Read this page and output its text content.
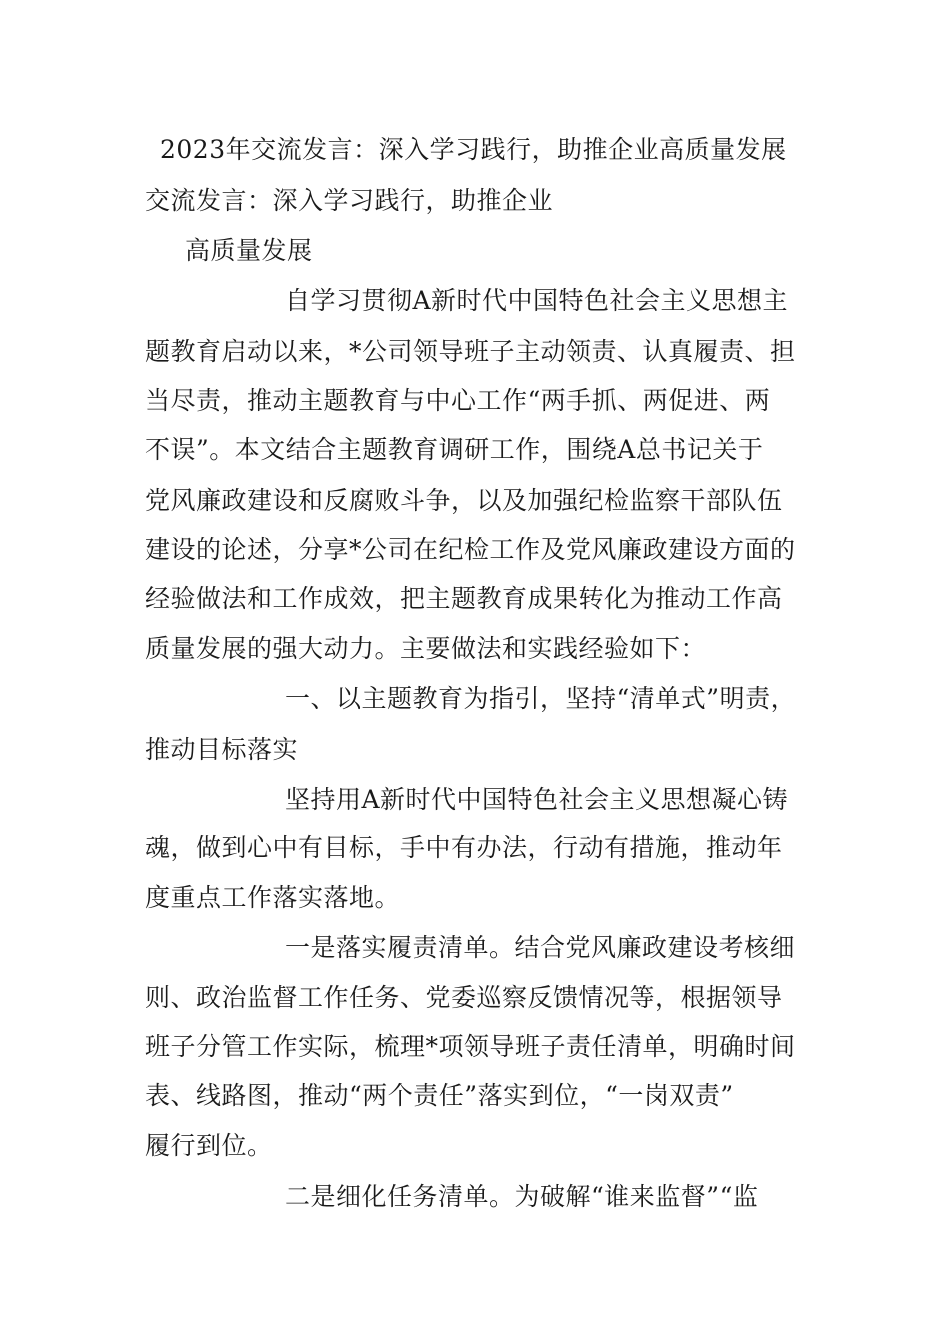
2023年交流发言：深入学习践行，助推企业高质量发展
交流发言：深入学习践行，助推企业
高质量发展
自学习贯彻A新时代中国特色社会主义思想主
题教育启动以来，*公司领导班子主动领责、认真履责、担
当尽责，推动主题教育与中心工作“两手抓、两促进、两
不误”。本文结合主题教育调研工作，围绕A总书记关于
党风廉政建设和反腐败斗争，以及加强纪检监察干部队伍
建设的论述，分享*公司在纪检工作及党风廉政建设方面的
经验做法和工作成效，把主题教育成果转化为推动工作高
质量发展的强大动力。主要做法和实践经验如下：
一、以主题教育为指引，坚持“清单式”明责，
推动目标落实
坚持用A新时代中国特色社会主义思想凝心铸
魂，做到心中有目标，手中有办法，行动有措施，推动年
度重点工作落实落地。
一是落实履责清单。结合党风廉政建设考核细
则、政治监督工作任务、党委巡察反馈情况等，根据领导
班子分管工作实际，梳理*项领导班子责任清单，明确时间
表、线路图，推动“两个责任”落实到位，“一岗双责”
履行到位。
二是细化任务清单。为破解“谁来监督”“监
